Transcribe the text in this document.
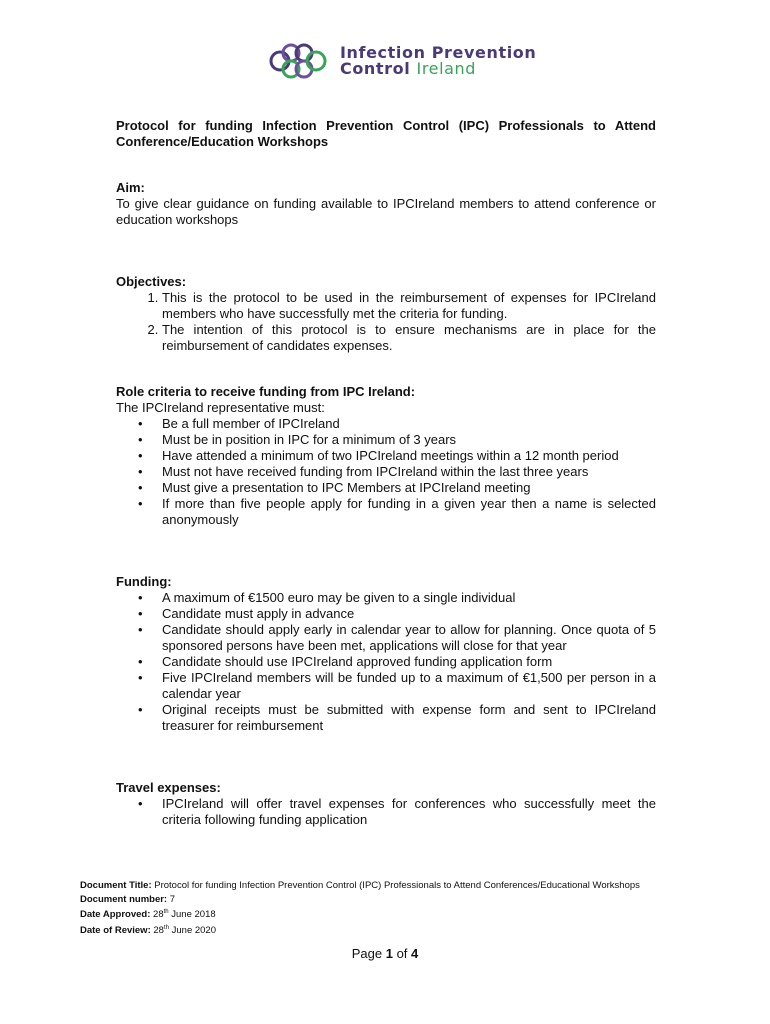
Infection Prevention
Control Ireland

Protocol for funding Infection Prevention Control (IPC) Professionals to Attend Conference/Education Workshops

Aim:

To give clear guidance on funding available to IPCIreland members to attend conference or education workshops

Objectives:

1. This is the protocol to be used in the reimbursement of expenses for IPCIreland members who have successfully met the criteria for funding.
2. The intention of this protocol is to ensure mechanisms are in place for the reimbursement of candidates expenses.

Role criteria to receive funding from IPC Ireland:

The IPCIreland representative must:

• Be a full member of IPCIreland
• Must be in position in IPC for a minimum of 3 years
• Have attended a minimum of two IPCIreland meetings within a 12 month period
• Must not have received funding from IPCIreland within the last three years
• Must give a presentation to IPC Members at IPCIreland meeting
• If more than five people apply for funding in a given year then a name is selected anonymously

Funding:

• A maximum of €1500 euro may be given to a single individual
• Candidate must apply in advance
• Candidate should apply early in calendar year to allow for planning. Once quota of 5 sponsored persons have been met, applications will close for that year
• Candidate should use IPCIreland approved funding application form
• Five IPCIreland members will be funded up to a maximum of €1,500 per person in a calendar year
• Original receipts must be submitted with expense form and sent to IPCIreland treasurer for reimbursement

Travel expenses:

• IPCIreland will offer travel expenses for conferences who successfully meet the criteria following funding application
Document Title: Protocol for funding Infection Prevention Control (IPC) Professionals to Attend Conferences/Educational Workshops
Document number: 7
Date Approved: 28th June 2018
Date of Review: 28th June 2020
Page 1 of 4
